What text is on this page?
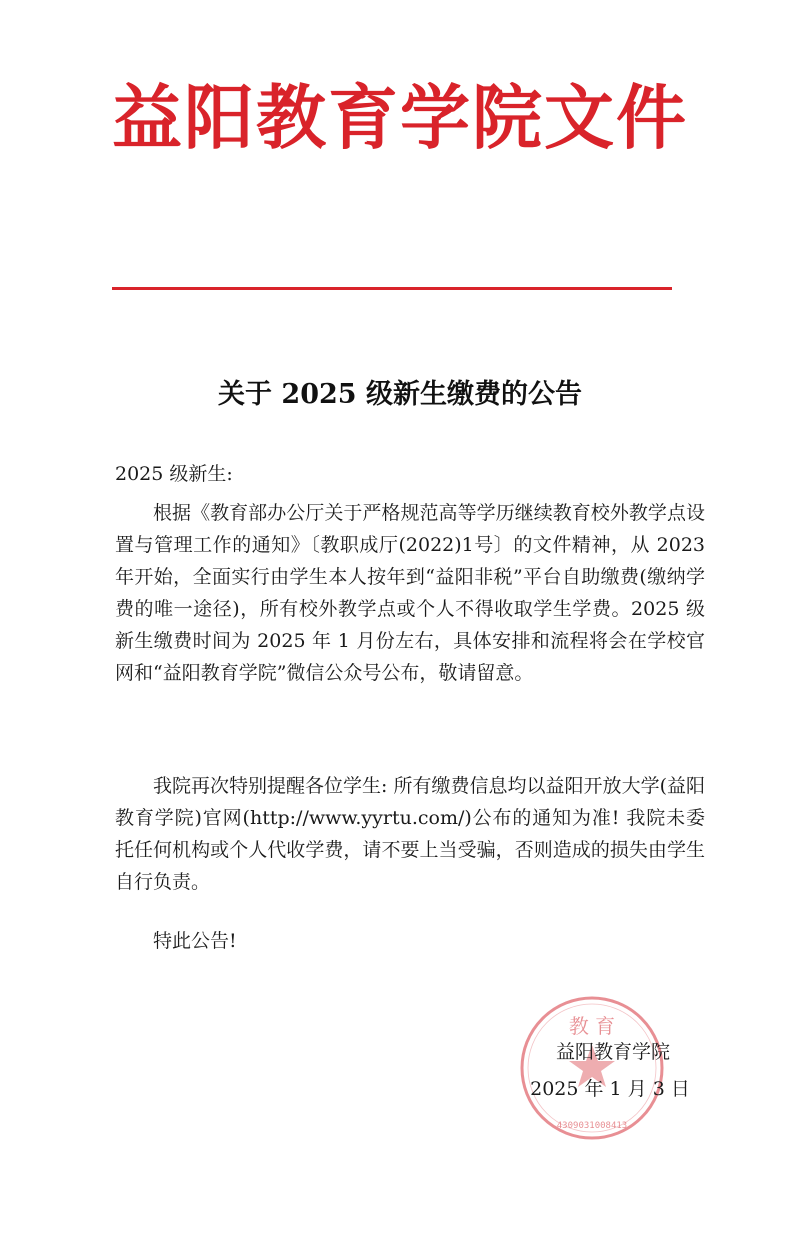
益阳教育学院文件
关于 2025 级新生缴费的公告
2025 级新生:

根据《教育部办公厅关于严格规范高等学历继续教育校外教学点设置与管理工作的通知》〔教职成厅(2022)1号〕的文件精神，从 2023 年开始，全面实行由学生本人按年到“益阳非税”平台自助缴费(缴纳学费的唯一途径)，所有校外教学点或个人不得收取学生学费。2025 级新生缴费时间为 2025 年 1 月份左右，具体安排和流程将会在学校官网和“益阳教育学院”微信公众号公布，敬请留意。

我院再次特别提醒各位学生: 所有缴费信息均以益阳开放大学(益阳教育学院)官网(http://www.yyrtu.com/)公布的通知为准! 我院未委托任何机构或个人代收学费，请不要上当受骗，否则造成的损失由学生自行负责。

特此公告!

教 育
4309031008413
益阳教育学院
2025 年 1 月 3 日
